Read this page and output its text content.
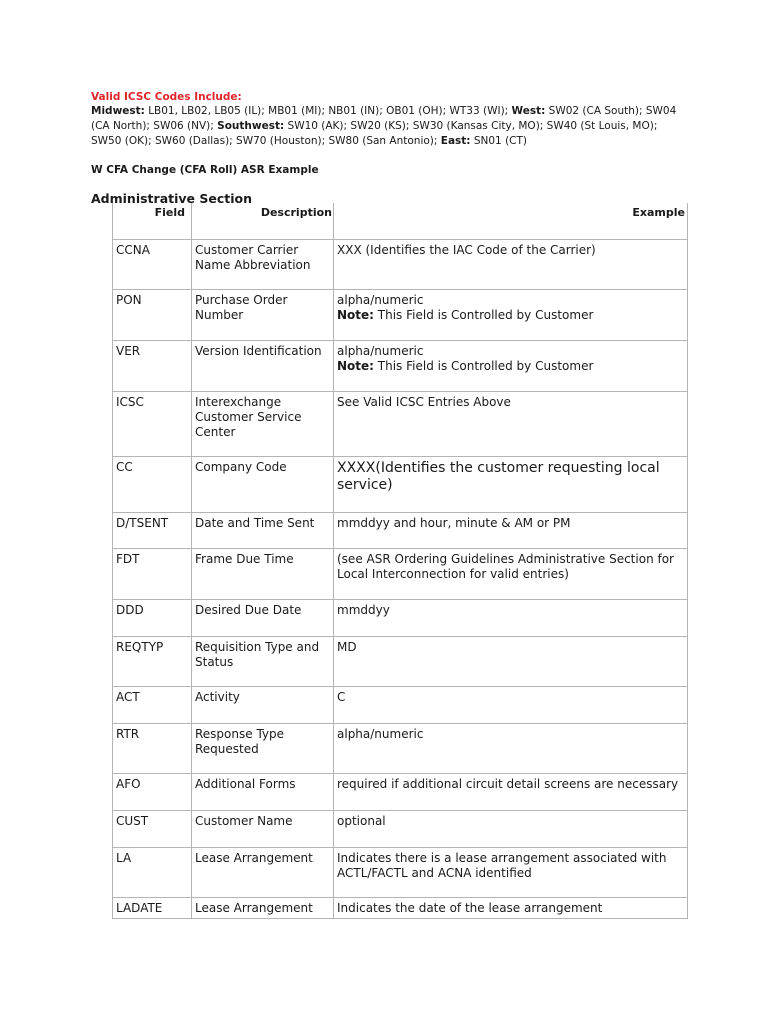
Valid ICSC Codes Include:

Midwest: LB01, LB02, LB05 (IL); MB01 (MI); NB01 (IN); OB01 (OH); WT33 (WI); West: SW02 (CA South); SW04 (CA North); SW06 (NV); Southwest: SW10 (AK); SW20 (KS); SW30 (Kansas City, MO); SW40 (St Louis, MO); SW50 (OK); SW60 (Dallas); SW70 (Houston); SW80 (San Antonio); East: SN01 (CT)

W CFA Change (CFA Roll) ASR Example

Administrative Section

Field	Description	Example
CCNA	Customer Carrier Name Abbreviation	XXX (Identifies the IAC Code of the Carrier)
PON	Purchase Order Number	alpha/numeric
Note: This Field is Controlled by Customer
VER	Version Identification	alpha/numeric
Note: This Field is Controlled by Customer
ICSC	Interexchange Customer Service Center	See Valid ICSC Entries Above
CC	Company Code	XXXX(Identifies the customer requesting local service)
D/TSENT	Date and Time Sent	mmddyy and hour, minute & AM or PM
FDT	Frame Due Time	(see ASR Ordering Guidelines Administrative Section for Local Interconnection for valid entries)
DDD	Desired Due Date	mmddyy
REQTYP	Requisition Type and Status	MD
ACT	Activity	C
RTR	Response Type Requested	alpha/numeric
AFO	Additional Forms	required if additional circuit detail screens are necessary
CUST	Customer Name	optional
LA	Lease Arrangement	Indicates there is a lease arrangement associated with ACTL/FACTL and ACNA identified
LADATE	Lease Arrangement	Indicates the date of the lease arrangement
